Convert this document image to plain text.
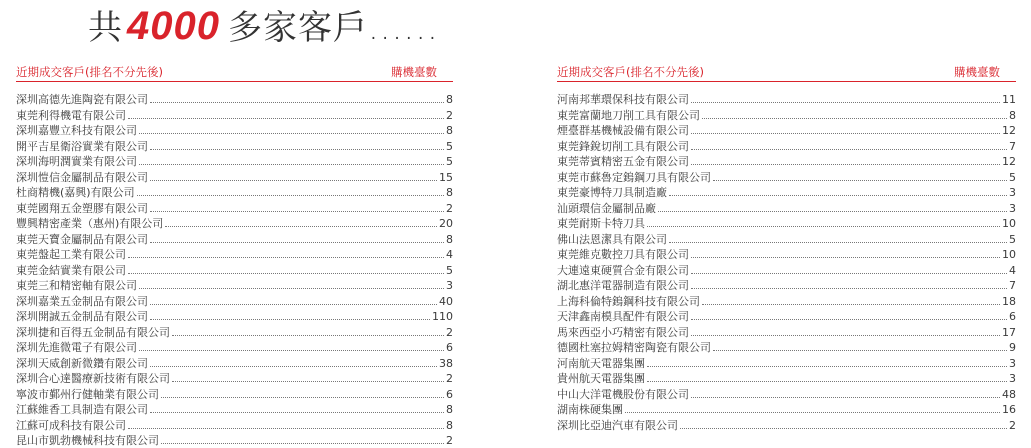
共 4000 多家客戶......
近期成交客戶(排名不分先後)	購機臺數
深圳高德先進陶瓷有限公司	8
東莞利得機電有限公司	2
深圳嘉豐立科技有限公司	8
開平吉星衛浴實業有限公司	5
深圳海明潤實業有限公司	5
深圳愷信金屬制品有限公司	15
杜商精機(嘉興)有限公司	8
東莞國翔五金塑膠有限公司	2
豐興精密產業（惠州)有限公司	20
東莞天寶金屬制品有限公司	8
東莞盤起工業有限公司	4
東莞金結實業有限公司	5
東莞三和精密軸有限公司	3
深圳嘉業五金制品有限公司	40
深圳開誠五金制品有限公司	110
深圳捷和百得五金制品有限公司	2
深圳先進微電子有限公司	6
深圳天威創新微鑽有限公司	38
深圳合心達醫療新技術有限公司	2
寧波市鄞州行健軸業有限公司	6
江蘇維香工具制造有限公司	8
江蘇可成科技有限公司	8
昆山市凱勃機械科技有限公司	2
近期成交客戶(排名不分先後)	購機臺數
河南邦華環保科技有限公司	11
東莞富蘭地刀削工具有限公司	8
煙臺群基機械設備有限公司	12
東莞鋒銳切削工具有限公司	7
東莞蒂賓精密五金有限公司	12
東莞市蘇魯定鎢鋼刀具有限公司	5
東莞豪博特刀具制造廠	3
汕頭環信金屬制品廠	3
東莞耐斯卡特刀具	10
佛山法恩潔具有限公司	5
東莞維克數控刀具有限公司	10
大連遠東硬質合金有限公司	4
湖北惠洋電器制造有限公司	7
上海科倫特鎢鋼科技有限公司	18
天津鑫南模具配件有限公司	6
馬來西亞小巧精密有限公司	17
德國杜塞拉姆精密陶瓷有限公司	9
河南航天電器集團	3
貴州航天電器集團	3
中山大洋電機股份有限公司	48
湖南株硬集團	16
深圳比亞迪汽車有限公司	2
